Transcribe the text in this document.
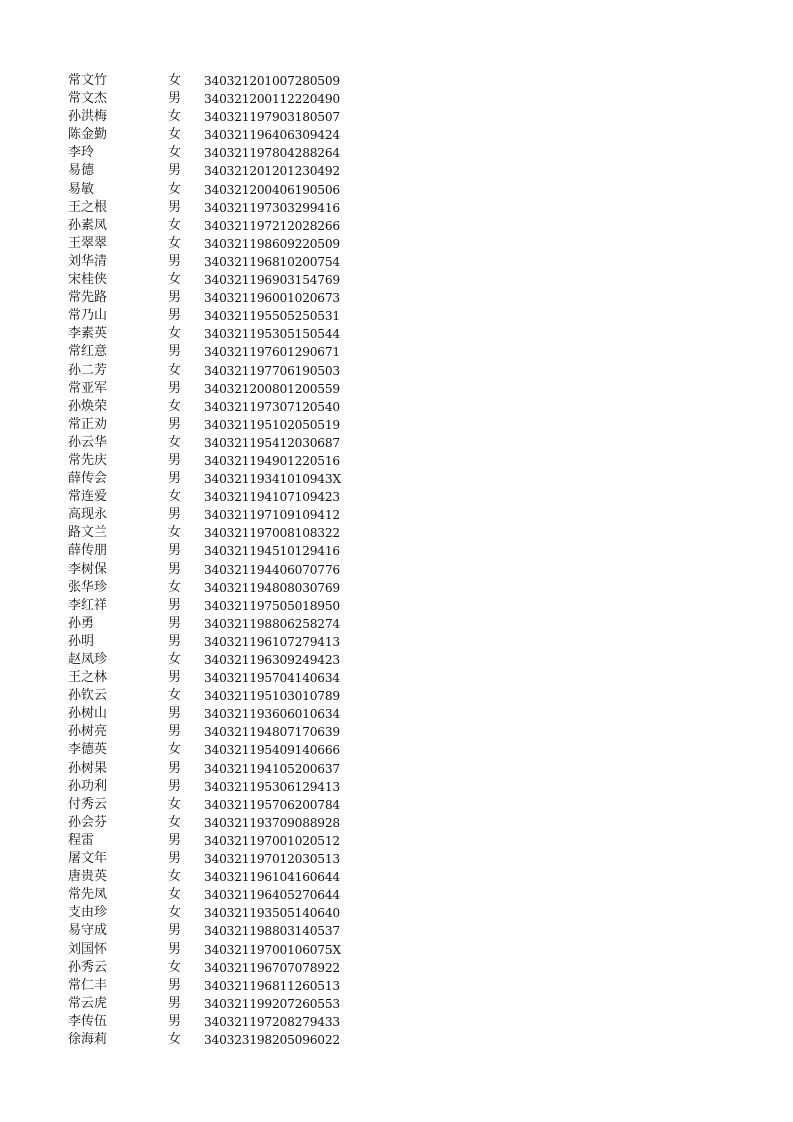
常文竹	女 340321201007280509
常文杰	男 340321200112220490
孙洪梅	女 340321197903180507
陈金勤	女 340321196406309424
李玲	女 340321197804288264
易德	男 340321201201230492
易敏	女 340321200406190506
王之根	男 340321197303299416
孙素凤	女 340321197212028266
王翠翠	女 340321198609220509
刘华清	男 340321196810200754
宋桂侠	女 340321196903154769
常先路	男 340321196001020673
常乃山	男 340321195505250531
李素英	女 340321195305150544
常红意	男 340321197601290671
孙二芳	女 340321197706190503
常亚军	男 340321200801200559
孙焕荣	女 340321197307120540
常正劝	男 340321195102050519
孙云华	女 340321195412030687
常先庆	男 340321194901220516
薛传会	男 34032119341010943X
常连爱	女 340321194107109423
高现永	男 340321197109109412
路文兰	女 340321197008108322
薛传朋	男 340321194510129416
李树保	男 340321194406070776
张华珍	女 340321194808030769
李红祥	男 340321197505018950
孙勇	男 340321198806258274
孙明	男 340321196107279413
赵凤珍	女 340321196309249423
王之林	男 340321195704140634
孙钦云	女 340321195103010789
孙树山	男 340321193606010634
孙树亮	男 340321194807170639
李德英	女 340321195409140666
孙树果	男 340321194105200637
孙功利	男 340321195306129413
付秀云	女 340321195706200784
孙会芬	女 340321193709088928
程雷	男 340321197001020512
屠文年	男 340321197012030513
唐贵英	女 340321196104160644
常先凤	女 340321196405270644
支由珍	女 340321193505140640
易守成	男 340321198803140537
刘国怀	男 34032119700106075X
孙秀云	女 340321196707078922
常仁丰	男 340321196811260513
常云虎	男 340321199207260553
李传伍	男 340321197208279433
徐海莉	女 340323198205096022
